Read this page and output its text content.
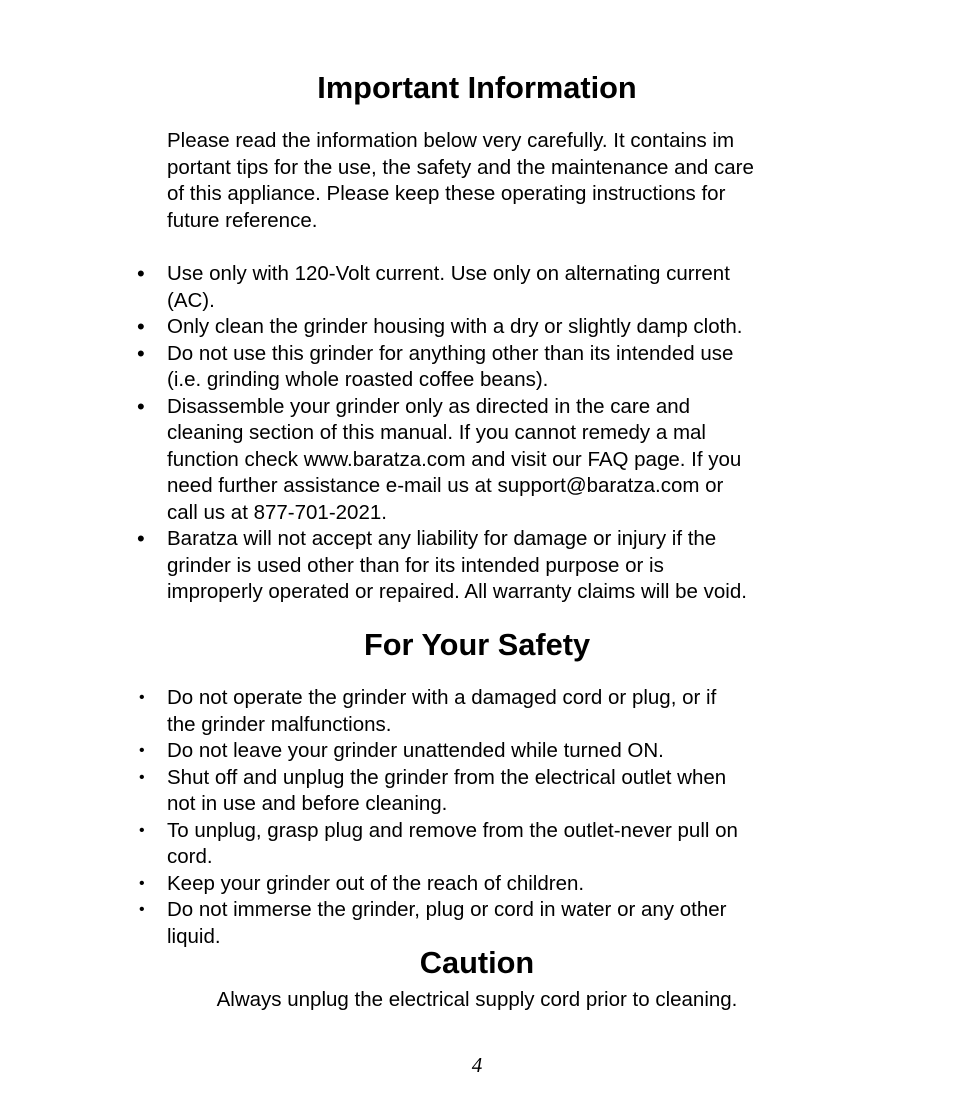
Important Information
Please read the information below very carefully. It contains im
portant tips for the use, the safety and the maintenance and care
of this appliance. Please keep these operating instructions for
future reference.
•	Use only with 120-Volt current. Use only on alternating current
(AC).
•	Only clean the grinder housing with a dry or slightly damp cloth.
•	Do not use this grinder for anything other than its intended use
(i.e. grinding whole roasted coffee beans).
•	Disassemble your grinder only as directed in the care and
cleaning section of this manual. If you cannot remedy a mal
function check www.baratza.com and visit our FAQ page. If you
need further assistance e-mail us at support@baratza.com or
call us at 877-701-2021.
•	Baratza will not accept any liability for damage or injury if the
grinder is used other than for its intended purpose or is
improperly operated or repaired. All warranty claims will be void.
For Your Safety
•	Do not operate the grinder with a damaged cord or plug, or if
the grinder malfunctions.
•	Do not leave your grinder unattended while turned ON.
•	Shut off and unplug the grinder from the electrical outlet when
not in use and before cleaning.
•	To unplug, grasp plug and remove from the outlet-never pull on
cord.
•	Keep your grinder out of the reach of children.
•	Do not immerse the grinder, plug or cord in water or any other
liquid.
Caution

Always unplug the electrical supply cord prior to cleaning.

4
